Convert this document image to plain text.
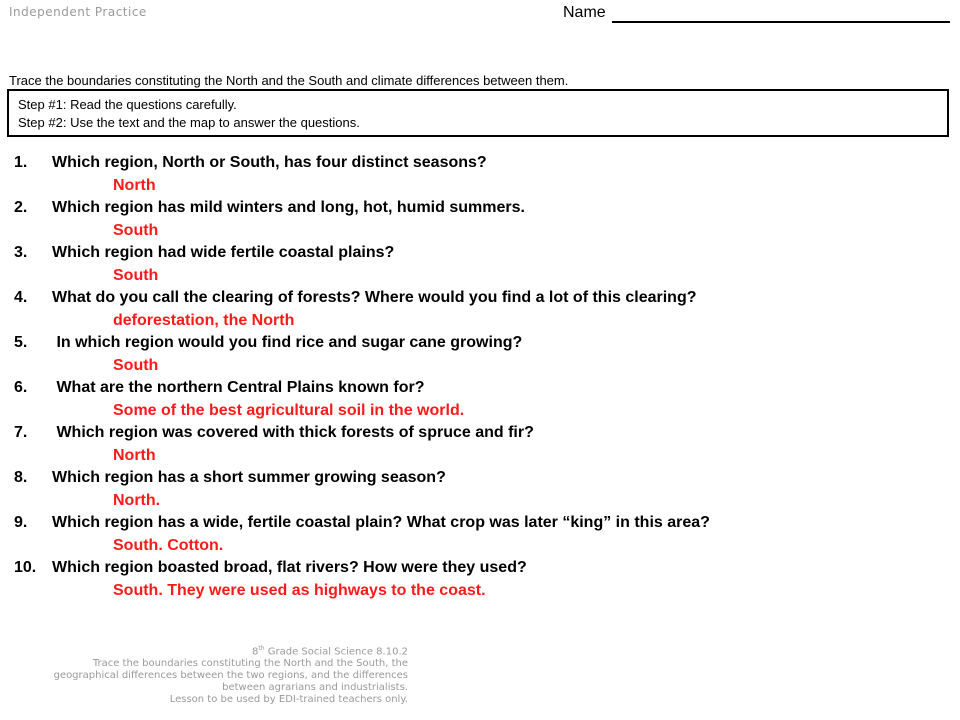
Independent Practice	Name
Trace the boundaries constituting the North and the South and climate differences between them.
Step #1: Read the questions carefully.
Step #2: Use the text and the map to answer the questions.
1. Which region, North or South, has four distinct seasons?
North
2. Which region has mild winters and long, hot, humid summers.
South
3. Which region had wide fertile coastal plains?
South
4. What do you call the clearing of forests? Where would you find a lot of this clearing?
deforestation, the North
5. In which region would you find rice and sugar cane growing?
South
6. What are the northern Central Plains known for?
Some of the best agricultural soil in the world.
7. Which region was covered with thick forests of spruce and fir?
North
8. Which region has a short summer growing season?
North.
9. Which region has a wide, fertile coastal plain? What crop was later “king” in this area?
South. Cotton.
10. Which region boasted broad, flat rivers? How were they used?
South. They were used as highways to the coast.
8th Grade Social Science 8.10.2
Trace the boundaries constituting the North and the South, the
geographical differences between the two regions, and the differences
between agrarians and industrialists.
Lesson to be used by EDI-trained teachers only.
